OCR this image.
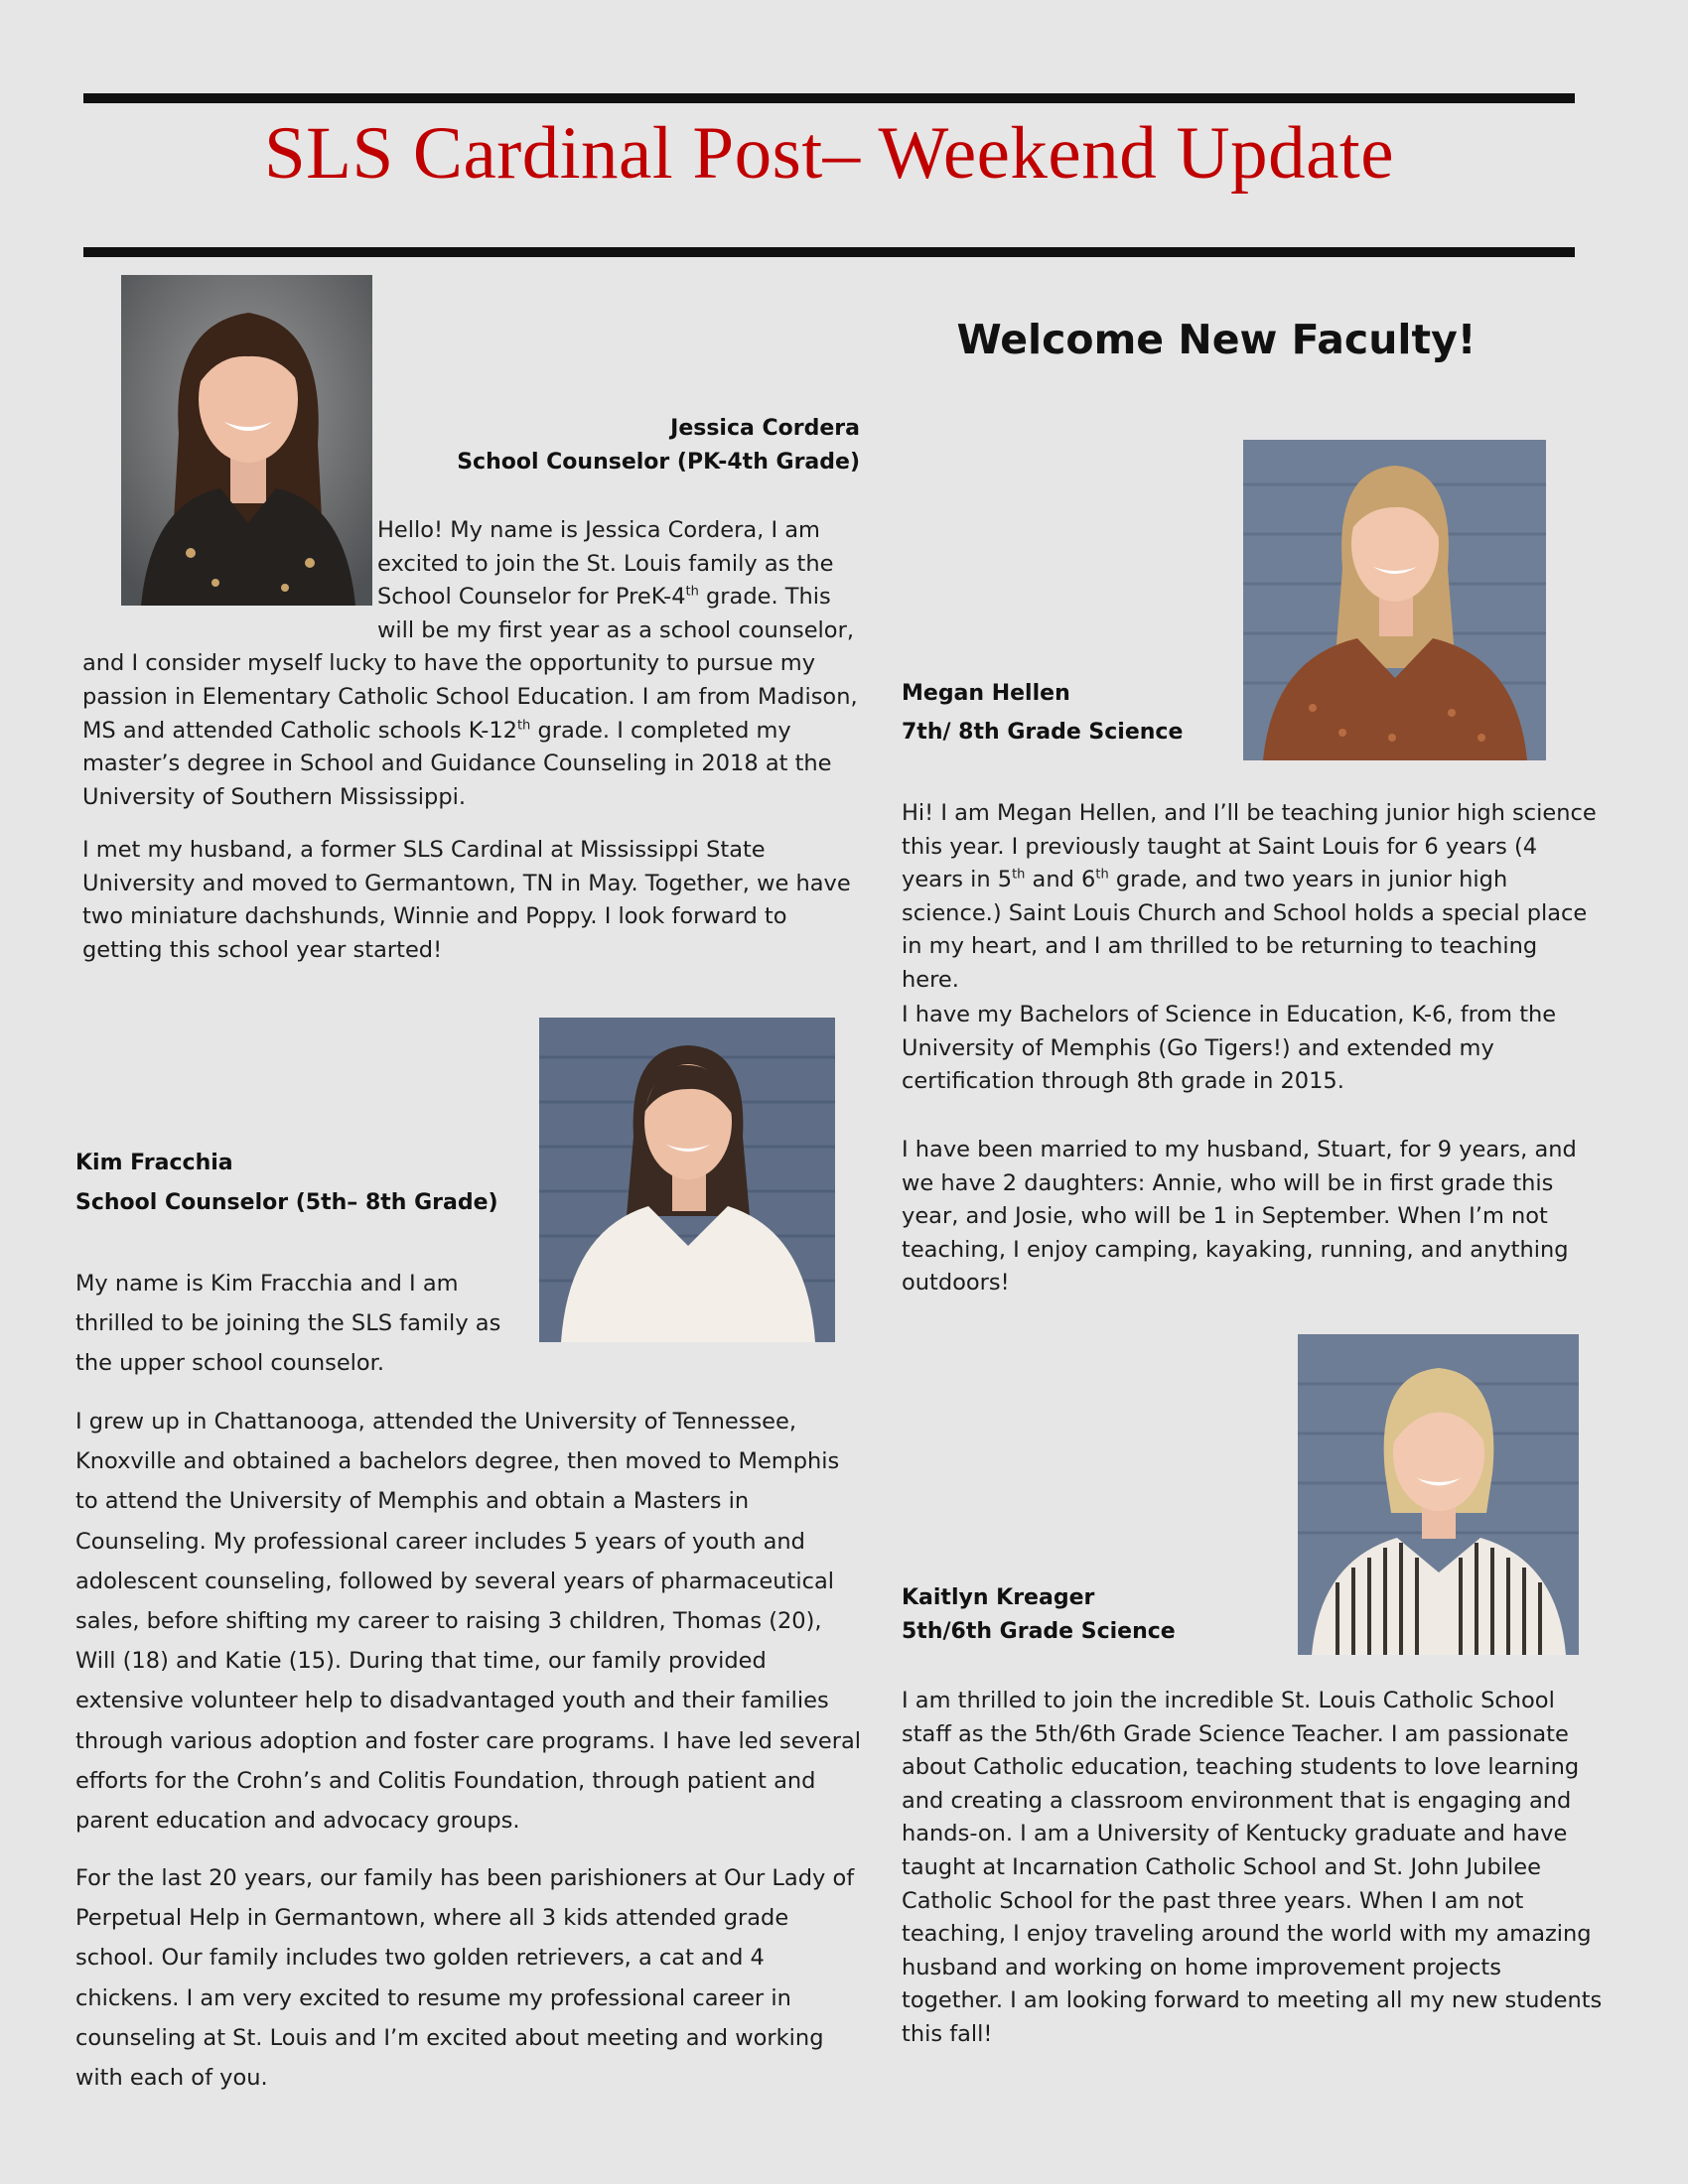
SLS Cardinal Post– Weekend Update
Jessica Cordera
School Counselor (PK-4th Grade)
Hello! My name is Jessica Cordera, I am excited to join the St. Louis family as the School Counselor for PreK-4th grade. This will be my first year as a school counselor, and I consider myself lucky to have the opportunity to pursue my passion in Elementary Catholic School Education. I am from Madison, MS and attended Catholic schools K-12th grade. I completed my master’s degree in School and Guidance Counseling in 2018 at the University of Southern Mississippi.

I met my husband, a former SLS Cardinal at Mississippi State University and moved to Germantown, TN in May. Together, we have two miniature dachshunds, Winnie and Poppy. I look forward to getting this school year started!

Kim Fracchia
School Counselor (5th– 8th Grade)

My name is Kim Fracchia and I am thrilled to be joining the SLS family as the upper school counselor.

I grew up in Chattanooga, attended the University of Tennessee, Knoxville and obtained a bachelors degree, then moved to Memphis to attend the University of Memphis and obtain a Masters in Counseling. My professional career includes 5 years of youth and adolescent counseling, followed by several years of pharmaceutical sales, before shifting my career to raising 3 children, Thomas (20), Will (18) and Katie (15). During that time, our family provided extensive volunteer help to disadvantaged youth and their families through various adoption and foster care programs. I have led several efforts for the Crohn’s and Colitis Foundation, through patient and parent education and advocacy groups.

For the last 20 years, our family has been parishioners at Our Lady of Perpetual Help in Germantown, where all 3 kids attended grade school. Our family includes two golden retrievers, a cat and 4 chickens. I am very excited to resume my professional career in counseling at St. Louis and I’m excited about meeting and working with each of you.

Welcome New Faculty!
Megan Hellen
7th/ 8th Grade Science
Hi! I am Megan Hellen, and I’ll be teaching junior high science this year. I previously taught at Saint Louis for 6 years (4 years in 5th and 6th grade, and two years in junior high science.) Saint Louis Church and School holds a special place in my heart, and I am thrilled to be returning to teaching here.

I have my Bachelors of Science in Education, K-6, from the University of Memphis (Go Tigers!) and extended my certification through 8th grade in 2015.

I have been married to my husband, Stuart, for 9 years, and we have 2 daughters: Annie, who will be in first grade this year, and Josie, who will be 1 in September. When I’m not teaching, I enjoy camping, kayaking, running, and anything outdoors!

Kaitlyn Kreager
5th/6th Grade Science

I am thrilled to join the incredible St. Louis Catholic School staff as the 5th/6th Grade Science Teacher. I am passionate about Catholic education, teaching students to love learning and creating a classroom environment that is engaging and hands-on. I am a University of Kentucky graduate and have taught at Incarnation Catholic School and St. John Jubilee Catholic School for the past three years. When I am not teaching, I enjoy traveling around the world with my amazing husband and working on home improvement projects together. I am looking forward to meeting all my new students this fall!
